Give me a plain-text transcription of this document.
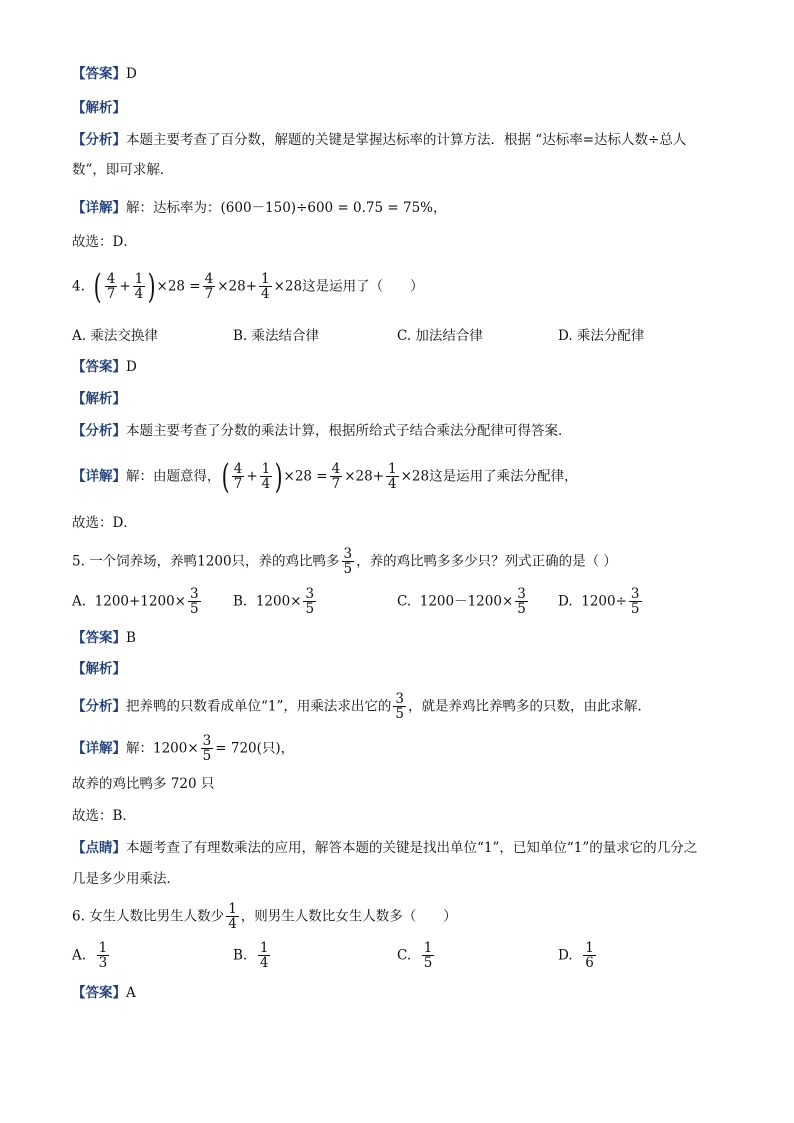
【答案】D
【解析】
【分析】本题主要考查了百分数，解题的关键是掌握达标率的计算方法．根据 “达标率=达标人数÷总人
数”，即可求解．
【详解】解：达标率为：(600－150)÷600 = 0.75 = 75%，
故选：D．
4. ( $\frac{4}{7} + \frac{1}{4} )\times 28 = \frac{4}{7} \times 28+ \frac{1}{4} \times 28$这是运用了（　　）
A. 乘法交换律	B. 乘法结合律	C. 加法结合律	D. 乘法分配律
【答案】D
【解析】
【分析】本题主要考查了分数的乘法计算，根据所给式子结合乘法分配律可得答案．
【详解】解：由题意得，( $\frac{4}{7} + \frac{1}{4} )\times 28 = \frac{4}{7} \times 28+ \frac{1}{4} \times 28$这是运用了乘法分配律，
故选：D．
5. 一个饲养场，养鸭1200只，养的鸡比鸭多 $\frac{3}{5}$ ，养的鸡比鸭多多少只？列式正确的是（ ）
A. $1200+1200\times \frac{3}{5} B$. $1200\times \frac{3}{5}$	C. $1200-1200\times \frac{3}{5} D$. $1200\div \frac{3}{5}$
【答案】B
【解析】
【分析】把养鸭的只数看成单位“1”，用乘法求出它的 $\frac{3}{5}$ ，就是养鸡比养鸭多的只数，由此求解．
【详解】解：$1200\times \frac{3}{5} = 720$(只)，
故养的鸡比鸭多 720 只
故选：B．
【点睛】本题考查了有理数乘法的应用，解答本题的关键是找出单位“1”，已知单位“1”的量求它的几分之
几是多少用乘法．
6. 女生人数比男生人数少 $\frac{1}{4}$ ，则男生人数比女生人数多（　　）
A. $\frac{1}{3}$	B. $\frac{1}{4}$	C. $\frac{1}{5}$	D. $\frac{1}{6}$
【答案】A
